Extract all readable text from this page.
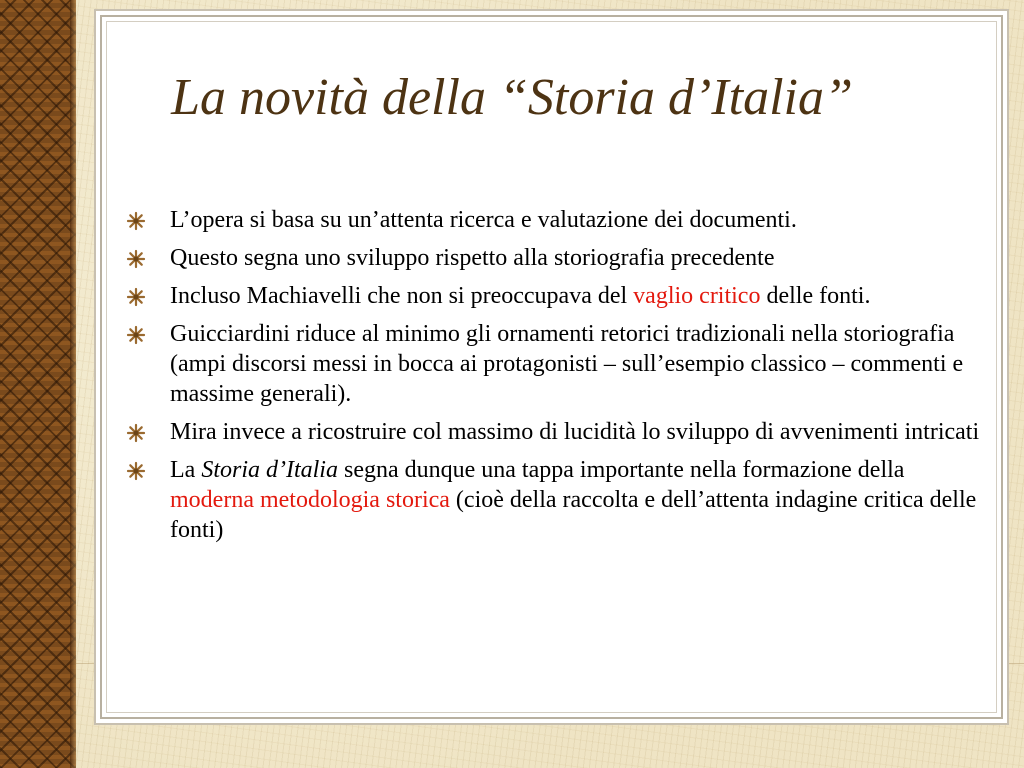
La novità della “Storia d’Italia”
L’opera si basa su un’attenta ricerca e valutazione dei documenti.
Questo segna uno sviluppo rispetto alla storiografia precedente
Incluso Machiavelli che non si preoccupava del vaglio critico delle fonti.
Guicciardini riduce al minimo gli ornamenti retorici tradizionali nella storiografia (ampi discorsi messi in bocca ai protagonisti – sull’esempio classico – commenti e massime generali).
Mira invece a ricostruire col massimo di lucidità lo sviluppo di avvenimenti intricati
La Storia d’Italia segna dunque una tappa importante nella formazione della moderna metodologia storica (cioè della raccolta e dell’attenta indagine critica delle fonti)
